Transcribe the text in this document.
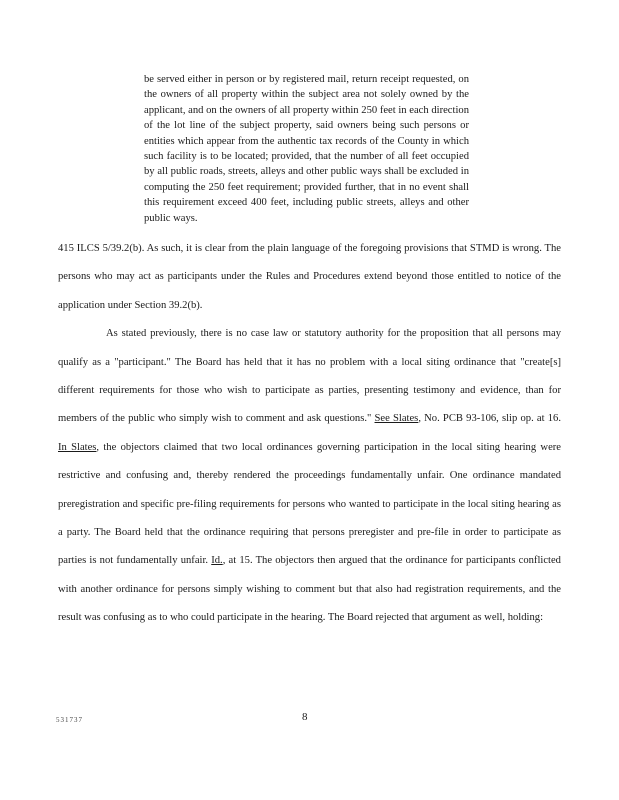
be served either in person or by registered mail, return receipt requested, on the owners of all property within the subject area not solely owned by the applicant, and on the owners of all property within 250 feet in each direction of the lot line of the subject property, said owners being such persons or entities which appear from the authentic tax records of the County in which such facility is to be located; provided, that the number of all feet occupied by all public roads, streets, alleys and other public ways shall be excluded in computing the 250 feet requirement; provided further, that in no event shall this requirement exceed 400 feet, including public streets, alleys and other public ways.

415 ILCS 5/39.2(b). As such, it is clear from the plain language of the foregoing provisions that STMD is wrong. The persons who may act as participants under the Rules and Procedures extend beyond those entitled to notice of the application under Section 39.2(b).

As stated previously, there is no case law or statutory authority for the proposition that all persons may qualify as a "participant." The Board has held that it has no problem with a local siting ordinance that "create[s] different requirements for those who wish to participate as parties, presenting testimony and evidence, than for members of the public who simply wish to comment and ask questions." See Slates, No. PCB 93-106, slip op. at 16. In Slates, the objectors claimed that two local ordinances governing participation in the local siting hearing were restrictive and confusing and, thereby rendered the proceedings fundamentally unfair. One ordinance mandated preregistration and specific pre-filing requirements for persons who wanted to participate in the local siting hearing as a party. The Board held that the ordinance requiring that persons preregister and pre-file in order to participate as parties is not fundamentally unfair. Id., at 15. The objectors then argued that the ordinance for participants conflicted with another ordinance for persons simply wishing to comment but that also had registration requirements, and the result was confusing as to who could participate in the hearing. The Board rejected that argument as well, holding:

531737	8
